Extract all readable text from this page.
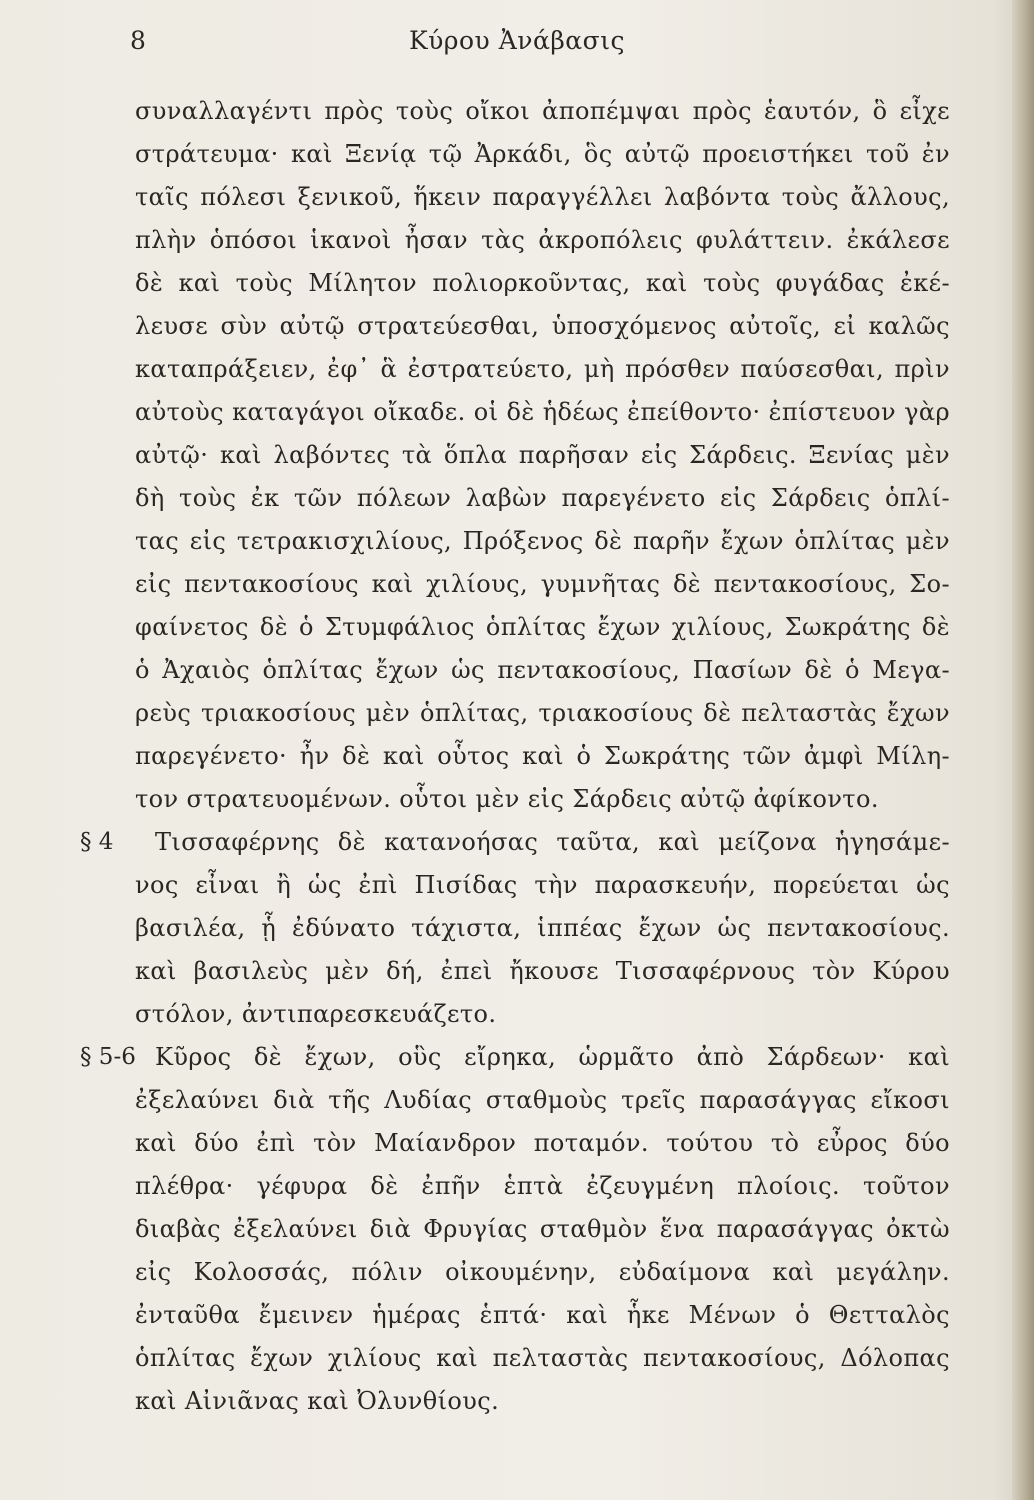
8	Κύρου Ἀνάβασις
συναλλαγέντι πρὸς τοὺς οἴκοι ἀποπέμψαι πρὸς ἑαυτόν, ὃ εἶχε
στράτευμα· καὶ Ξενίᾳ τῷ Ἀρκάδι, ὃς αὐτῷ προειστήκει τοῦ ἐν
ταῖς πόλεσι ξενικοῦ, ἥκειν παραγγέλλει λαβόντα τοὺς ἄλλους,
πλὴν ὁπόσοι ἱκανοὶ ἦσαν τὰς ἀκροπόλεις φυλάττειν. ἐκάλεσε
δὲ καὶ τοὺς Μίλητον πολιορκοῦντας, καὶ τοὺς φυγάδας ἐκέ-
λευσε σὺν αὐτῷ στρατεύεσθαι, ὑποσχόμενος αὐτοῖς, εἰ καλῶς
καταπράξειεν, ἐφ᾽ ἃ ἐστρατεύετο, μὴ πρόσθεν παύσεσθαι, πρὶν
αὐτοὺς καταγάγοι οἴκαδε. οἱ δὲ ἡδέως ἐπείθοντο· ἐπίστευον γὰρ
αὐτῷ· καὶ λαβόντες τὰ ὅπλα παρῆσαν εἰς Σάρδεις. Ξενίας μὲν
δὴ τοὺς ἐκ τῶν πόλεων λαβὼν παρεγένετο εἰς Σάρδεις ὁπλί-
τας εἰς τετρακισχιλίους, Πρόξενος δὲ παρῆν ἔχων ὁπλίτας μὲν
εἰς πεντακοσίους καὶ χιλίους, γυμνῆτας δὲ πεντακοσίους, Σο-
φαίνετος δὲ ὁ Στυμφάλιος ὁπλίτας ἔχων χιλίους, Σωκράτης δὲ
ὁ Ἀχαιὸς ὁπλίτας ἔχων ὡς πεντακοσίους, Πασίων δὲ ὁ Μεγα-
ρεὺς τριακοσίους μὲν ὁπλίτας, τριακοσίους δὲ πελταστὰς ἔχων
παρεγένετο· ἦν δὲ καὶ οὗτος καὶ ὁ Σωκράτης τῶν ἀμφὶ Μίλη-
τον στρατευομένων. οὗτοι μὲν εἰς Σάρδεις αὐτῷ ἀφίκοντο.
§ 4	Τισσαφέρνης δὲ κατανοήσας ταῦτα, καὶ μείζονα ἡγησάμε-
νος εἶναι ἢ ὡς ἐπὶ Πισίδας τὴν παρασκευήν, πορεύεται ὡς
βασιλέα, ᾗ ἐδύνατο τάχιστα, ἱππέας ἔχων ὡς πεντακοσίους.
καὶ βασιλεὺς μὲν δή, ἐπεὶ ἤκουσε Τισσαφέρνους τὸν Κύρου
στόλον, ἀντιπαρεσκευάζετο.
§ 5-6 Κῦρος δὲ ἔχων, οὓς εἴρηκα, ὡρμᾶτο ἀπὸ Σάρδεων· καὶ
ἐξελαύνει διὰ τῆς Λυδίας σταθμοὺς τρεῖς παρασάγγας εἴκοσι
καὶ δύο ἐπὶ τὸν Μαίανδρον ποταμόν. τούτου τὸ εὖρος δύο
πλέθρα· γέφυρα δὲ ἐπῆν ἑπτὰ ἐζευγμένη πλοίοις. τοῦτον
διαβὰς ἐξελαύνει διὰ Φρυγίας σταθμὸν ἕνα παρασάγγας ὀκτὼ
εἰς Κολοσσάς, πόλιν οἰκουμένην, εὐδαίμονα καὶ μεγάλην.
ἐνταῦθα ἔμεινεν ἡμέρας ἑπτά· καὶ ἧκε Μένων ὁ Θετταλὸς
ὁπλίτας ἔχων χιλίους καὶ πελταστὰς πεντακοσίους, Δόλοπας
καὶ Αἰνιᾶνας καὶ Ὀλυνθίους.
